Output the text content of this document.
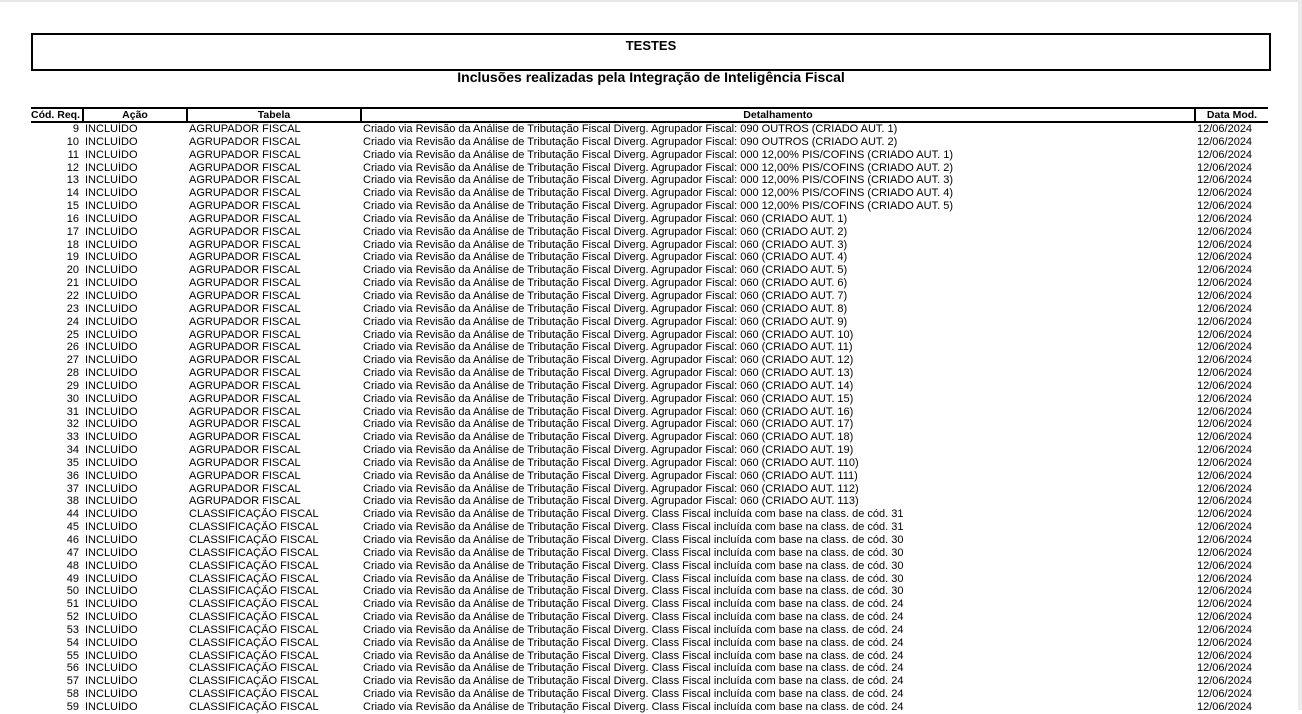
TESTES
Inclusões realizadas pela Integração de Inteligência Fiscal
Cód. Req.	Ação	Tabela	Detalhamento	Data Mod.
9	INCLUÍDO	AGRUPADOR FISCAL	Criado via Revisão da Análise de Tributação Fiscal Diverg. Agrupador Fiscal: 090 OUTROS (CRIADO AUT. 1)	12/06/2024
10	INCLUÍDO	AGRUPADOR FISCAL	Criado via Revisão da Análise de Tributação Fiscal Diverg. Agrupador Fiscal: 090 OUTROS (CRIADO AUT. 2)	12/06/2024
11	INCLUÍDO	AGRUPADOR FISCAL	Criado via Revisão da Análise de Tributação Fiscal Diverg. Agrupador Fiscal: 000 12,00% PIS/COFINS (CRIADO AUT. 1)	12/06/2024
12	INCLUÍDO	AGRUPADOR FISCAL	Criado via Revisão da Análise de Tributação Fiscal Diverg. Agrupador Fiscal: 000 12,00% PIS/COFINS (CRIADO AUT. 2)	12/06/2024
13	INCLUÍDO	AGRUPADOR FISCAL	Criado via Revisão da Análise de Tributação Fiscal Diverg. Agrupador Fiscal: 000 12,00% PIS/COFINS (CRIADO AUT. 3)	12/06/2024
14	INCLUÍDO	AGRUPADOR FISCAL	Criado via Revisão da Análise de Tributação Fiscal Diverg. Agrupador Fiscal: 000 12,00% PIS/COFINS (CRIADO AUT. 4)	12/06/2024
15	INCLUÍDO	AGRUPADOR FISCAL	Criado via Revisão da Análise de Tributação Fiscal Diverg. Agrupador Fiscal: 000 12,00% PIS/COFINS (CRIADO AUT. 5)	12/06/2024
16	INCLUÍDO	AGRUPADOR FISCAL	Criado via Revisão da Análise de Tributação Fiscal Diverg. Agrupador Fiscal: 060 (CRIADO AUT. 1)	12/06/2024
17	INCLUÍDO	AGRUPADOR FISCAL	Criado via Revisão da Análise de Tributação Fiscal Diverg. Agrupador Fiscal: 060 (CRIADO AUT. 2)	12/06/2024
18	INCLUÍDO	AGRUPADOR FISCAL	Criado via Revisão da Análise de Tributação Fiscal Diverg. Agrupador Fiscal: 060 (CRIADO AUT. 3)	12/06/2024
19	INCLUÍDO	AGRUPADOR FISCAL	Criado via Revisão da Análise de Tributação Fiscal Diverg. Agrupador Fiscal: 060 (CRIADO AUT. 4)	12/06/2024
20	INCLUÍDO	AGRUPADOR FISCAL	Criado via Revisão da Análise de Tributação Fiscal Diverg. Agrupador Fiscal: 060 (CRIADO AUT. 5)	12/06/2024
21	INCLUÍDO	AGRUPADOR FISCAL	Criado via Revisão da Análise de Tributação Fiscal Diverg. Agrupador Fiscal: 060 (CRIADO AUT. 6)	12/06/2024
22	INCLUÍDO	AGRUPADOR FISCAL	Criado via Revisão da Análise de Tributação Fiscal Diverg. Agrupador Fiscal: 060 (CRIADO AUT. 7)	12/06/2024
23	INCLUÍDO	AGRUPADOR FISCAL	Criado via Revisão da Análise de Tributação Fiscal Diverg. Agrupador Fiscal: 060 (CRIADO AUT. 8)	12/06/2024
24	INCLUÍDO	AGRUPADOR FISCAL	Criado via Revisão da Análise de Tributação Fiscal Diverg. Agrupador Fiscal: 060 (CRIADO AUT. 9)	12/06/2024
25	INCLUÍDO	AGRUPADOR FISCAL	Criado via Revisão da Análise de Tributação Fiscal Diverg. Agrupador Fiscal: 060 (CRIADO AUT. 10)	12/06/2024
26	INCLUÍDO	AGRUPADOR FISCAL	Criado via Revisão da Análise de Tributação Fiscal Diverg. Agrupador Fiscal: 060 (CRIADO AUT. 11)	12/06/2024
27	INCLUÍDO	AGRUPADOR FISCAL	Criado via Revisão da Análise de Tributação Fiscal Diverg. Agrupador Fiscal: 060 (CRIADO AUT. 12)	12/06/2024
28	INCLUÍDO	AGRUPADOR FISCAL	Criado via Revisão da Análise de Tributação Fiscal Diverg. Agrupador Fiscal: 060 (CRIADO AUT. 13)	12/06/2024
29	INCLUÍDO	AGRUPADOR FISCAL	Criado via Revisão da Análise de Tributação Fiscal Diverg. Agrupador Fiscal: 060 (CRIADO AUT. 14)	12/06/2024
30	INCLUÍDO	AGRUPADOR FISCAL	Criado via Revisão da Análise de Tributação Fiscal Diverg. Agrupador Fiscal: 060 (CRIADO AUT. 15)	12/06/2024
31	INCLUÍDO	AGRUPADOR FISCAL	Criado via Revisão da Análise de Tributação Fiscal Diverg. Agrupador Fiscal: 060 (CRIADO AUT. 16)	12/06/2024
32	INCLUÍDO	AGRUPADOR FISCAL	Criado via Revisão da Análise de Tributação Fiscal Diverg. Agrupador Fiscal: 060 (CRIADO AUT. 17)	12/06/2024
33	INCLUÍDO	AGRUPADOR FISCAL	Criado via Revisão da Análise de Tributação Fiscal Diverg. Agrupador Fiscal: 060 (CRIADO AUT. 18)	12/06/2024
34	INCLUÍDO	AGRUPADOR FISCAL	Criado via Revisão da Análise de Tributação Fiscal Diverg. Agrupador Fiscal: 060 (CRIADO AUT. 19)	12/06/2024
35	INCLUÍDO	AGRUPADOR FISCAL	Criado via Revisão da Análise de Tributação Fiscal Diverg. Agrupador Fiscal: 060 (CRIADO AUT. 110)	12/06/2024
36	INCLUÍDO	AGRUPADOR FISCAL	Criado via Revisão da Análise de Tributação Fiscal Diverg. Agrupador Fiscal: 060 (CRIADO AUT. 111)	12/06/2024
37	INCLUÍDO	AGRUPADOR FISCAL	Criado via Revisão da Análise de Tributação Fiscal Diverg. Agrupador Fiscal: 060 (CRIADO AUT. 112)	12/06/2024
38	INCLUÍDO	AGRUPADOR FISCAL	Criado via Revisão da Análise de Tributação Fiscal Diverg. Agrupador Fiscal: 060 (CRIADO AUT. 113)	12/06/2024
44	INCLUÍDO	CLASSIFICAÇÃO FISCAL	Criado via Revisão da Análise de Tributação Fiscal Diverg. Class Fiscal incluída com base na class. de cód. 31	12/06/2024
45	INCLUÍDO	CLASSIFICAÇÃO FISCAL	Criado via Revisão da Análise de Tributação Fiscal Diverg. Class Fiscal incluída com base na class. de cód. 31	12/06/2024
46	INCLUÍDO	CLASSIFICAÇÃO FISCAL	Criado via Revisão da Análise de Tributação Fiscal Diverg. Class Fiscal incluída com base na class. de cód. 30	12/06/2024
47	INCLUÍDO	CLASSIFICAÇÃO FISCAL	Criado via Revisão da Análise de Tributação Fiscal Diverg. Class Fiscal incluída com base na class. de cód. 30	12/06/2024
48	INCLUÍDO	CLASSIFICAÇÃO FISCAL	Criado via Revisão da Análise de Tributação Fiscal Diverg. Class Fiscal incluída com base na class. de cód. 30	12/06/2024
49	INCLUÍDO	CLASSIFICAÇÃO FISCAL	Criado via Revisão da Análise de Tributação Fiscal Diverg. Class Fiscal incluída com base na class. de cód. 30	12/06/2024
50	INCLUÍDO	CLASSIFICAÇÃO FISCAL	Criado via Revisão da Análise de Tributação Fiscal Diverg. Class Fiscal incluída com base na class. de cód. 30	12/06/2024
51	INCLUÍDO	CLASSIFICAÇÃO FISCAL	Criado via Revisão da Análise de Tributação Fiscal Diverg. Class Fiscal incluída com base na class. de cód. 24	12/06/2024
52	INCLUÍDO	CLASSIFICAÇÃO FISCAL	Criado via Revisão da Análise de Tributação Fiscal Diverg. Class Fiscal incluída com base na class. de cód. 24	12/06/2024
53	INCLUÍDO	CLASSIFICAÇÃO FISCAL	Criado via Revisão da Análise de Tributação Fiscal Diverg. Class Fiscal incluída com base na class. de cód. 24	12/06/2024
54	INCLUÍDO	CLASSIFICAÇÃO FISCAL	Criado via Revisão da Análise de Tributação Fiscal Diverg. Class Fiscal incluída com base na class. de cód. 24	12/06/2024
55	INCLUÍDO	CLASSIFICAÇÃO FISCAL	Criado via Revisão da Análise de Tributação Fiscal Diverg. Class Fiscal incluída com base na class. de cód. 24	12/06/2024
56	INCLUÍDO	CLASSIFICAÇÃO FISCAL	Criado via Revisão da Análise de Tributação Fiscal Diverg. Class Fiscal incluída com base na class. de cód. 24	12/06/2024
57	INCLUÍDO	CLASSIFICAÇÃO FISCAL	Criado via Revisão da Análise de Tributação Fiscal Diverg. Class Fiscal incluída com base na class. de cód. 24	12/06/2024
58	INCLUÍDO	CLASSIFICAÇÃO FISCAL	Criado via Revisão da Análise de Tributação Fiscal Diverg. Class Fiscal incluída com base na class. de cód. 24	12/06/2024
59	INCLUÍDO	CLASSIFICAÇÃO FISCAL	Criado via Revisão da Análise de Tributação Fiscal Diverg. Class Fiscal incluída com base na class. de cód. 24	12/06/2024
